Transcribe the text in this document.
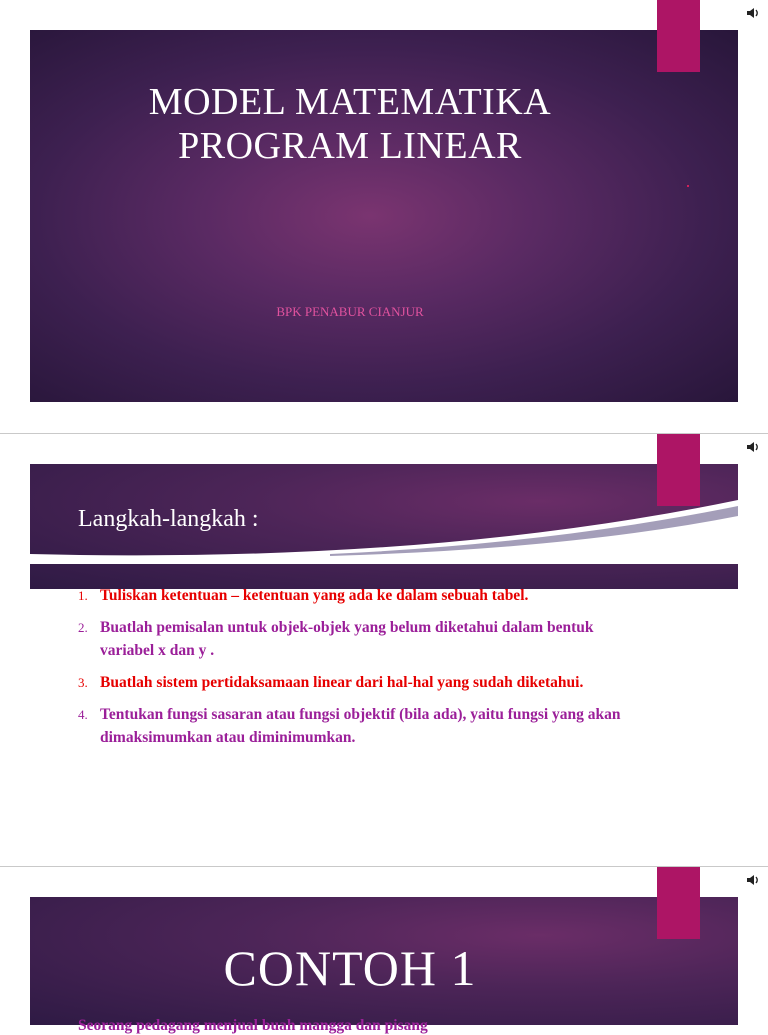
MODEL MATEMATIKA
PROGRAM LINEAR
BPK PENABUR CIANJUR
Langkah-langkah :
1. Tuliskan ketentuan – ketentuan yang ada ke dalam sebuah tabel.
2. Buatlah pemisalan untuk objek-objek yang belum diketahui dalam bentuk variabel x dan y .
3. Buatlah sistem pertidaksamaan linear dari hal-hal yang sudah diketahui.
4. Tentukan fungsi sasaran atau fungsi objektif (bila ada), yaitu fungsi yang akan dimaksimumkan atau diminimumkan.
CONTOH 1
Seorang pedagang menjual buah mangga dan pisang
